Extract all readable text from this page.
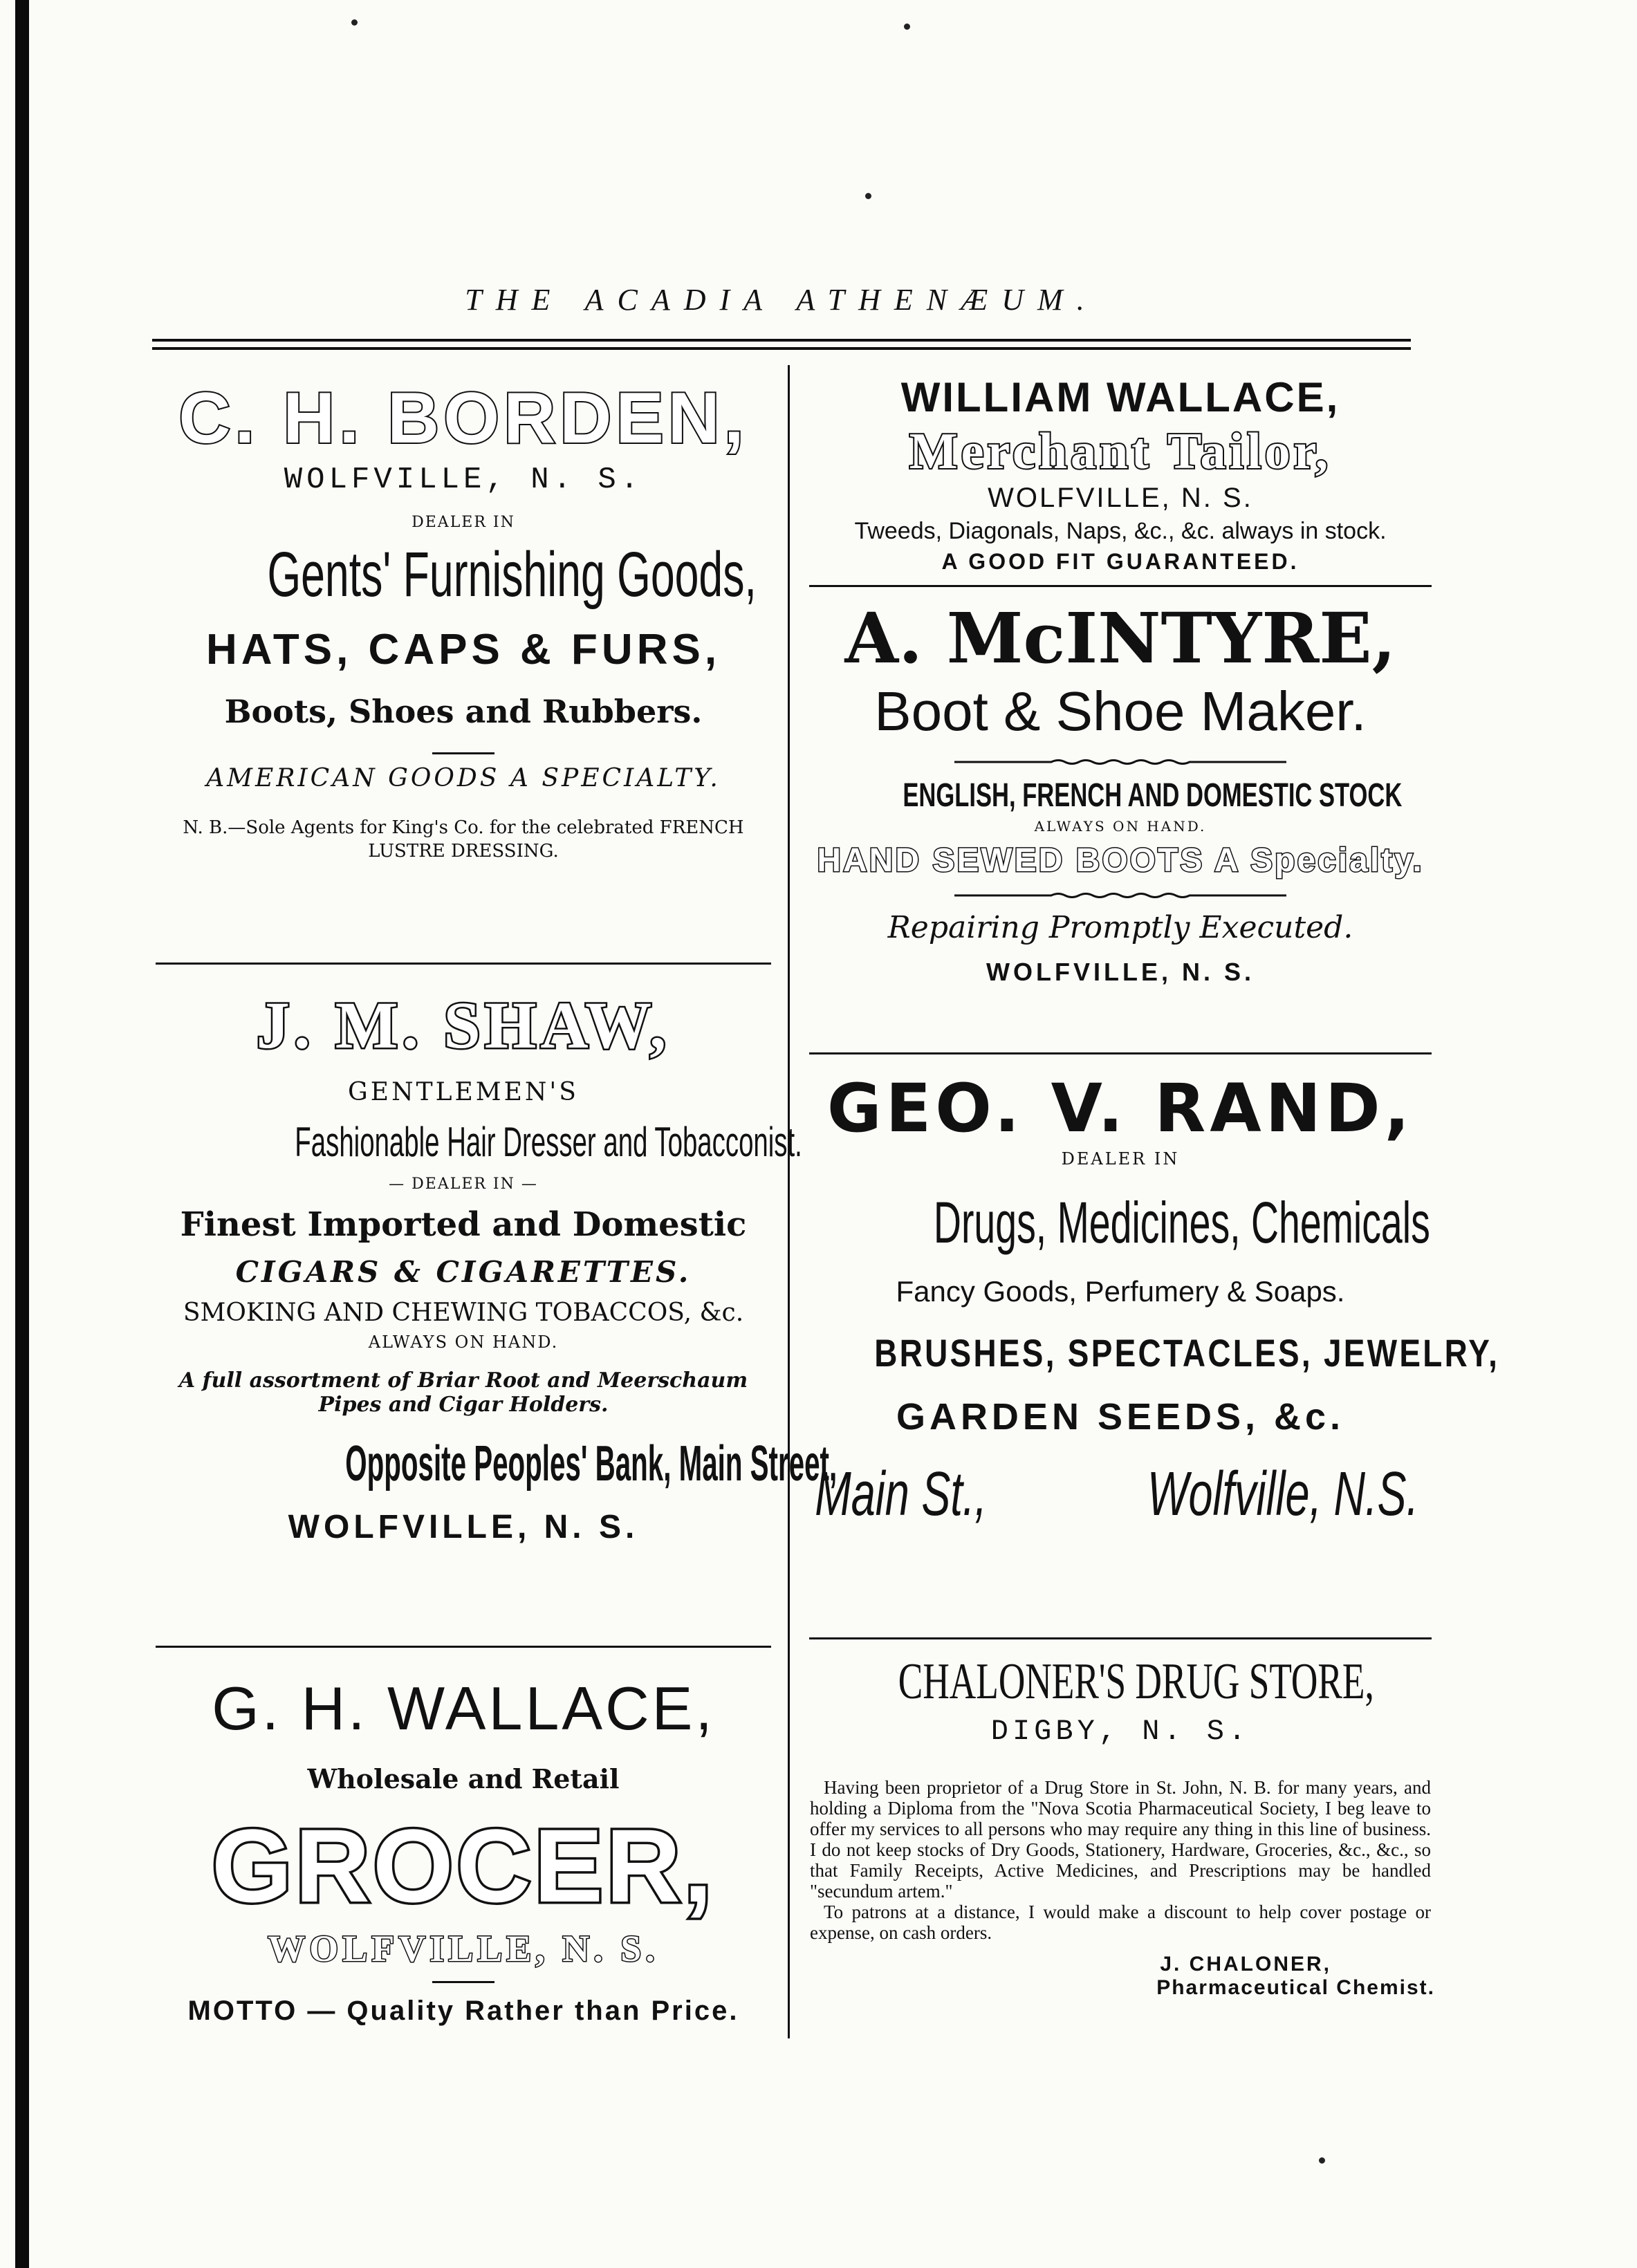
THE ACADIA ATHENÆUM.
C. H. BORDEN,
WOLFVILLE, N. S.
DEALER IN
Gents' Furnishing Goods,
HATS, CAPS & FURS,
Boots, Shoes and Rubbers.
AMERICAN GOODS A SPECIALTY.
N. B.—Sole Agents for King's Co. for the celebrated FRENCH
LUSTRE DRESSING.
J. M. SHAW,
GENTLEMEN'S
Fashionable Hair Dresser and Tobacconist.
— DEALER IN —
Finest Imported and Domestic
CIGARS & CIGARETTES.
SMOKING AND CHEWING TOBACCOS, &c.
ALWAYS ON HAND.
A full assortment of Briar Root and Meerschaum
Pipes and Cigar Holders.
Opposite Peoples' Bank, Main Street,
WOLFVILLE, N. S.
G. H. WALLACE,
Wholesale and Retail
GROCER,
WOLFVILLE, N. S.
MOTTO — Quality Rather than Price.
WILLIAM WALLACE,
Merchant Tailor,
WOLFVILLE, N. S.
Tweeds, Diagonals, Naps, &c., &c. always in stock.
A GOOD FIT GUARANTEED.
A. McINTYRE,
Boot & Shoe Maker.
ENGLISH, FRENCH AND DOMESTIC STOCK
ALWAYS ON HAND.
HAND SEWED BOOTS A Specialty.
Repairing Promptly Executed.
WOLFVILLE, N. S.
GEO. V. RAND,
DEALER IN
Drugs, Medicines, Chemicals
Fancy Goods, Perfumery & Soaps.
BRUSHES, SPECTACLES, JEWELRY,
GARDEN SEEDS, &c.
Main St.,	Wolfville, N.S.
CHALONER'S DRUG STORE,
DIGBY, N. S.

Having been proprietor of a Drug Store in St. John, N. B. for many years, and holding a Diploma from the "Nova Scotia Pharmaceutical Society, I beg leave to offer my services to all persons who may require any thing in this line of business. I do not keep stocks of Dry Goods, Stationery, Hardware, Groceries, &c., &c., so that Family Receipts, Active Medicines, and Prescriptions may be handled "secundum artem."

To patrons at a distance, I would make a discount to help cover postage or expense, on cash orders.

J. CHALONER,
Pharmaceutical Chemist.
